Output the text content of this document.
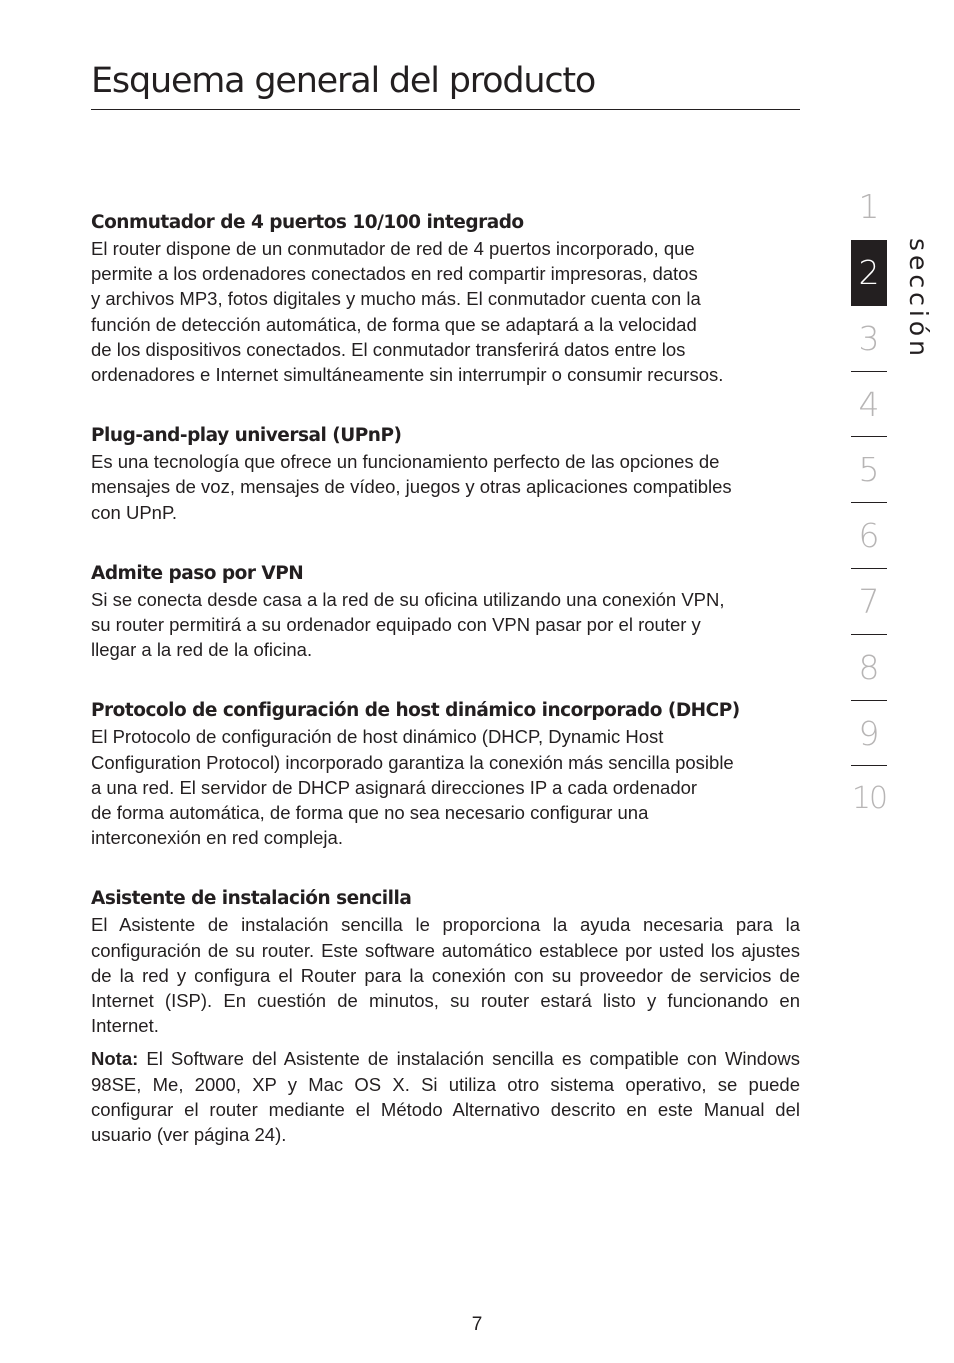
Esquema general del producto
Conmutador de 4 puertos 10/100 integrado

El router dispone de un conmutador de red de 4 puertos incorporado, que
permite a los ordenadores conectados en red compartir impresoras, datos
y archivos MP3, fotos digitales y mucho más. El conmutador cuenta con la
función de detección automática, de forma que se adaptará a la velocidad
de los dispositivos conectados. El conmutador transferirá datos entre los
ordenadores e Internet simultáneamente sin interrumpir o consumir recursos.

Plug-and-play universal (UPnP)

Es una tecnología que ofrece un funcionamiento perfecto de las opciones de
mensajes de voz, mensajes de vídeo, juegos y otras aplicaciones compatibles
con UPnP.

Admite paso por VPN

Si se conecta desde casa a la red de su oficina utilizando una conexión VPN,
su router permitirá a su ordenador equipado con VPN pasar por el router y
llegar a la red de la oficina.

Protocolo de configuración de host dinámico incorporado (DHCP)

El Protocolo de configuración de host dinámico (DHCP, Dynamic Host
Configuration Protocol) incorporado garantiza la conexión más sencilla posible
a una red. El servidor de DHCP asignará direcciones IP a cada ordenador
de forma automática, de forma que no sea necesario configurar una
interconexión en red compleja.

Asistente de instalación sencilla

El Asistente de instalación sencilla le proporciona la ayuda necesaria para la configuración de su router. Este software automático establece por usted los ajustes de la red y configura el Router para la conexión con su proveedor de servicios de Internet (ISP). En cuestión de minutos, su router estará listo y funcionando en Internet.

Nota: El Software del Asistente de instalación sencilla es compatible con Windows 98SE, Me, 2000, XP y Mac OS X. Si utiliza otro sistema operativo, se puede configurar el router mediante el Método Alternativo descrito en este Manual del usuario (ver página 24).

1
2
3
4
5
6
7
8
9
10
sección
7
